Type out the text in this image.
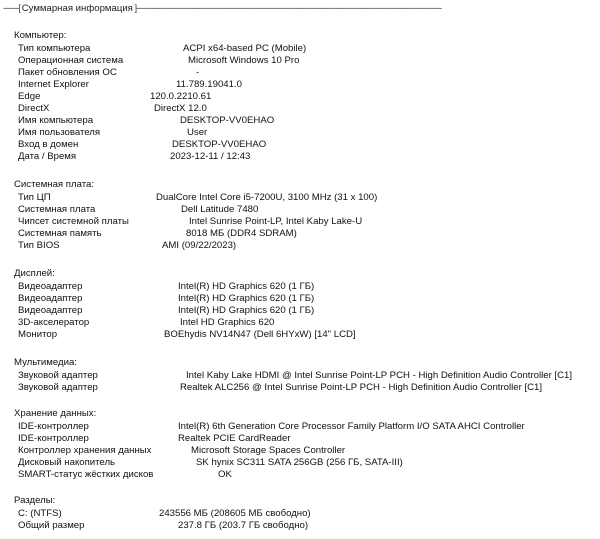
-------[ Суммарная информация ]-------------------------------------------------------------------------------------------------------------------------------------------
Компьютер:
Тип компьютера	ACPI x64-based PC (Mobile)
Операционная система	Microsoft Windows 10 Pro
Пакет обновления ОС	-
Internet Explorer	11.789.19041.0
Edge	120.0.2210.61
DirectX	DirectX 12.0
Имя компьютера	DESKTOP-VV0EHAO
Имя пользователя	User
Вход в домен	DESKTOP-VV0EHAO
Дата / Время	2023-12-11 / 12:43
Системная плата:
Тип ЦП	DualCore Intel Core i5-7200U, 3100 MHz (31 x 100)
Системная плата	Dell Latitude 7480
Чипсет системной платы	Intel Sunrise Point-LP, Intel Kaby Lake-U
Системная память	8018 МБ (DDR4 SDRAM)
Тип BIOS	AMI (09/22/2023)
Дисплей:
Видеоадаптер	Intel(R) HD Graphics 620 (1 ГБ)
Видеоадаптер	Intel(R) HD Graphics 620 (1 ГБ)
Видеоадаптер	Intel(R) HD Graphics 620 (1 ГБ)
3D-акселератор	Intel HD Graphics 620
Монитор	BOEhydis NV14N47 (Dell 6HYxW) [14" LCD]
Мультимедиа:
Звуковой адаптер	Intel Kaby Lake HDMI @ Intel Sunrise Point-LP PCH - High Definition Audio Controller [C1]
Звуковой адаптер	Realtek ALC256 @ Intel Sunrise Point-LP PCH - High Definition Audio Controller [C1]
Хранение данных:
IDE-контроллер	Intel(R) 6th Generation Core Processor Family Platform I/O SATA AHCI Controller
IDE-контроллер	Realtek PCIE CardReader
Контроллер хранения данных	Microsoft Storage Spaces Controller
Дисковый накопитель	SK hynix SC311 SATA 256GB (256 ГБ, SATA-III)
SMART-статус жёстких дисков	OK
Разделы:
C: (NTFS)	243556 МБ (208605 МБ свободно)
Общий размер	237.8 ГБ (203.7 ГБ свободно)
